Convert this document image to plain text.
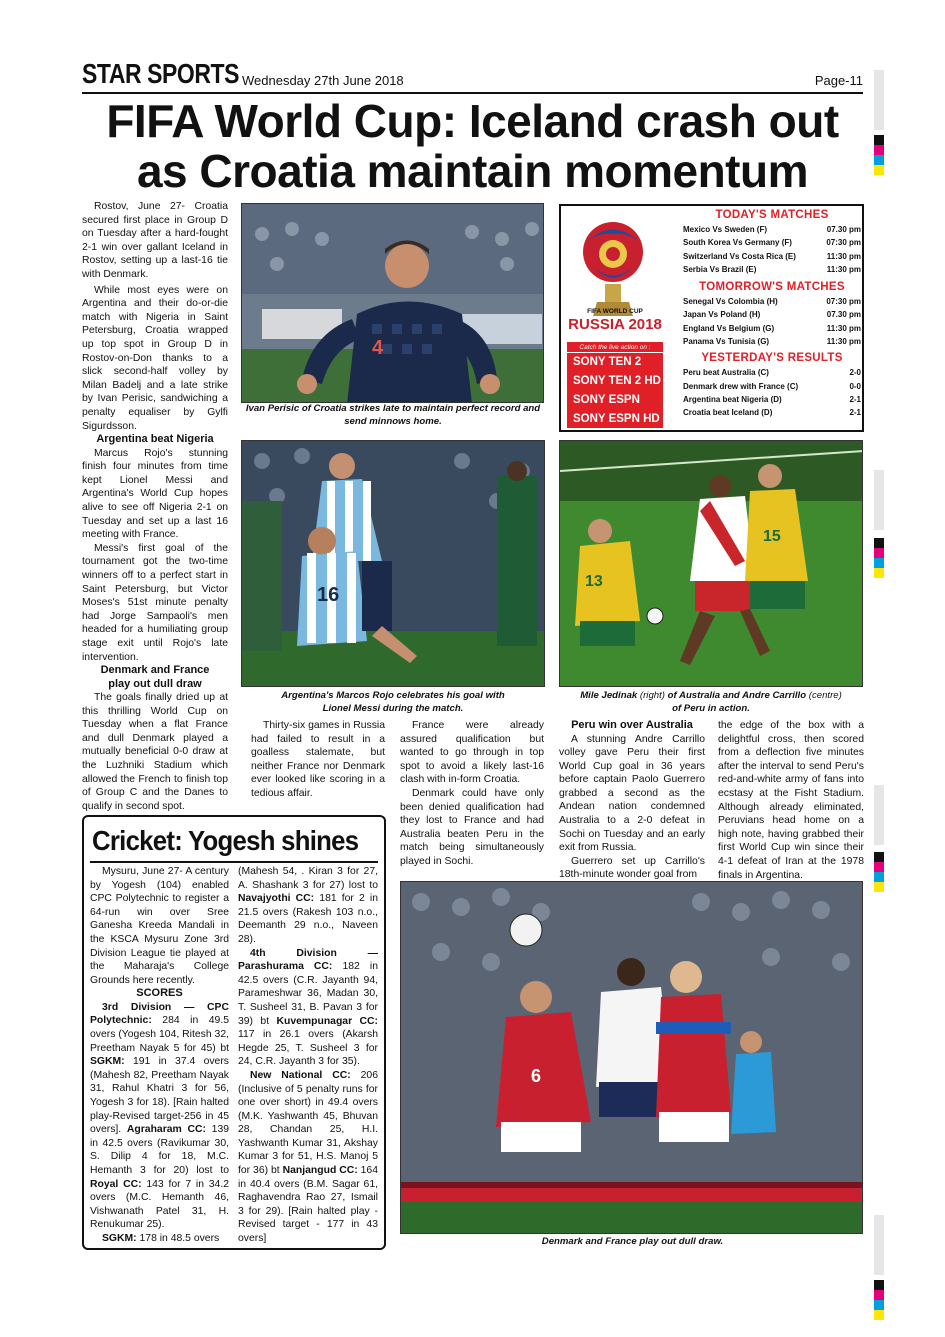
STAR SPORTS Wednesday 27th June 2018	Page-11
FIFA World Cup: Iceland crash out
as Croatia maintain momentum

Rostov, June 27- Croatia secured first place in Group D on Tuesday after a hard-fought 2-1 win over gallant Iceland in Rostov, setting up a last-16 tie with Denmark.

While most eyes were on Argentina and their do-or-die match with Nigeria in Saint Petersburg, Croatia wrapped up top spot in Group D in Rostov-on-Don thanks to a slick second-half volley by Milan Badelj and a late strike by Ivan Perisic, sandwiching a penalty equaliser by Gylfi Sigurdsson.

Argentina beat Nigeria

Marcus Rojo's stunning finish four minutes from time kept Lionel Messi and Argentina's World Cup hopes alive to see off Nigeria 2-1 on Tuesday and set up a last 16 meeting with France.

Messi's first goal of the tournament got the two-time winners off to a perfect start in Saint Petersburg, but Victor Moses's 51st minute penalty had Jorge Sampaoli's men headed for a humiliating group stage exit until Rojo's late intervention.

Denmark and France
play out dull draw

The goals finally dried up at this thrilling World Cup on Tuesday when a flat France and dull Denmark played a mutually beneficial 0-0 draw at the Luzhniki Stadium which allowed the French to finish top of Group C and the Danes to qualify in second spot.

4
Ivan Perisic of Croatia strikes late to maintain perfect record and send minnows home.
FIFA WORLD CUP
RUSSIA 2018
Catch the live action on :
SONY TEN 2
SONY TEN 2 HD
SONY ESPN
SONY ESPN HD
TODAY'S MATCHES
Mexico Vs Sweden (F)	07.30 pm
South Korea Vs Germany (F)	07:30 pm
Switzerland Vs Costa Rica (E)	11:30 pm
Serbia Vs Brazil (E)	11:30 pm
TOMORROW'S MATCHES
Senegal Vs Colombia (H)	07:30 pm
Japan Vs Poland (H)	07.30 pm
England Vs Belgium (G)	11:30 pm
Panama Vs Tunisia (G)	11:30 pm
YESTERDAY'S RESULTS
Peru beat Australia (C)	2-0
Denmark drew with France (C)	0-0
Argentina beat Nigeria (D)	2-1
Croatia beat Iceland (D)	2-1
16
Argentina's Marcos Rojo celebrates his goal with
Lionel Messi during the match.
15
13
Mile Jedinak (right) of Australia and Andre Carrillo (centre)
of Peru in action.

Thirty-six games in Russia had failed to result in a goalless stalemate, but neither France nor Denmark ever looked like scoring in a tedious affair.

France were already assured qualification but wanted to go through in top spot to avoid a likely last-16 clash with in-form Croatia.

Denmark could have only been denied qualification had they lost to France and had Australia beaten Peru in the match being simultaneously played in Sochi.

Peru win over Australia

A stunning Andre Carrillo volley gave Peru their first World Cup goal in 36 years before captain Paolo Guerrero grabbed a second as the Andean nation condemned Australia to a 2-0 defeat in Sochi on Tuesday and an early exit from Russia.

Guerrero set up Carrillo's 18th-minute wonder goal from

the edge of the box with a delightful cross, then scored from a deflection five minutes after the interval to send Peru's red-and-white army of fans into ecstasy at the Fisht Stadium. Although already eliminated, Peruvians head home on a high note, having grabbed their first World Cup win since their 4-1 defeat of Iran at the 1978 finals in Argentina.

6
Denmark and France play out dull draw.
Cricket: Yogesh shines

Mysuru, June 27- A century by Yogesh (104) enabled CPC Polytechnic to register a 64-run win over Sree Ganesha Kreeda Mandali in the KSCA Mysuru Zone 3rd Division League tie played at the Maharaja's College Grounds here recently.

SCORES

3rd Division — CPC Polytechnic: 284 in 49.5 overs (Yogesh 104, Ritesh 32, Preetham Nayak 5 for 45) bt SGKM: 191 in 37.4 overs (Mahesh 82, Preetham Nayak 31, Rahul Khatri 3 for 56, Yogesh 3 for 18). [Rain halted play-Revised target-256 in 45 overs]. Agraharam CC: 139 in 42.5 overs (Ravikumar 30, S. Dilip 4 for 18, M.C. Hemanth 3 for 20) lost to Royal CC: 143 for 7 in 34.2 overs (M.C. Hemanth 46, Vishwanath Patel 31, H. Renukumar 25).

SGKM: 178 in 48.5 overs

(Mahesh 54, . Kiran 3 for 27, A. Shashank 3 for 27) lost to Navajyothi CC: 181 for 2 in 21.5 overs (Rakesh 103 n.o., Deemanth 29 n.o., Naveen 28).

4th Division — Parashurama CC: 182 in 42.5 overs (C.R. Jayanth 94, Parameshwar 36, Madan 30, T. Susheel 31, B. Pavan 3 for 39) bt Kuvempunagar CC: 117 in 26.1 overs (Akarsh Hegde 25, T. Susheel 3 for 24, C.R. Jayanth 3 for 35).

New National CC: 206 (Inclusive of 5 penalty runs for one over short) in 49.4 overs (M.K. Yashwanth 45, Bhuvan 28, Chandan 25, H.I. Yashwanth Kumar 31, Akshay Kumar 3 for 51, H.S. Manoj 5 for 36) bt Nanjangud CC: 164 in 40.4 overs (B.M. Sagar 61, Raghavendra Rao 27, Ismail 3 for 29). [Rain halted play - Revised target - 177 in 43 overs]
